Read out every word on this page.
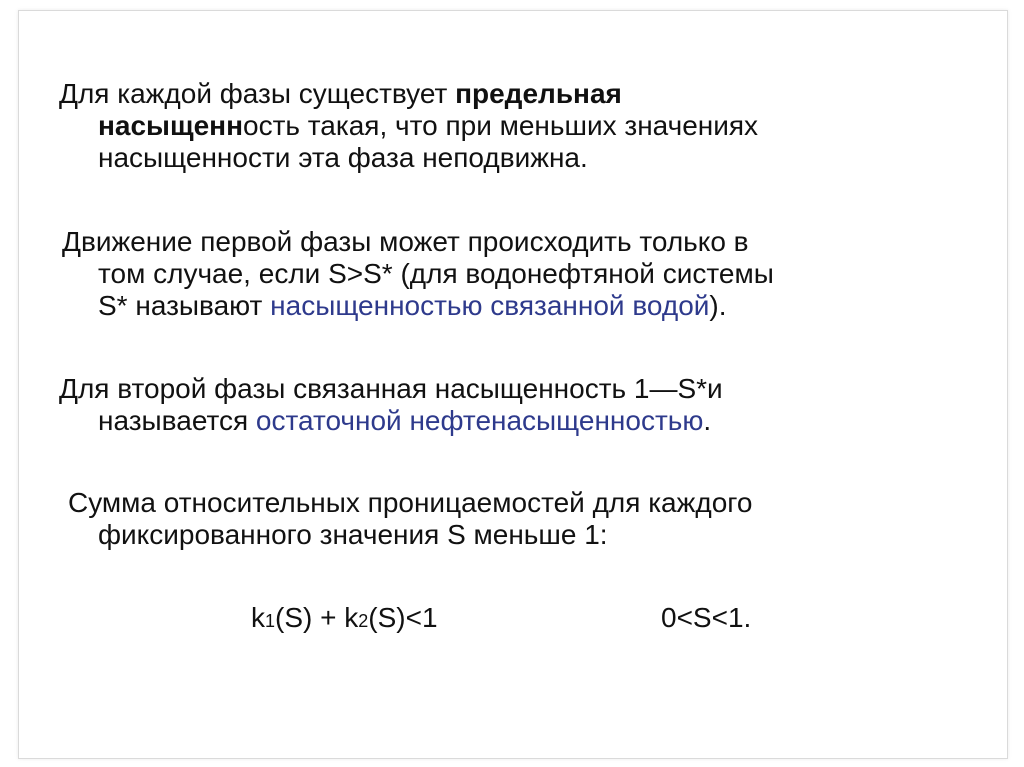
Для каждой фазы существует предельная
насыщенность такая, что при меньших значениях
насыщенности эта фаза неподвижна.
Движение первой фазы может происходить только в
том случае, если S>S* (для водонефтяной системы
S* называют насыщенностью связанной водой).
Для второй фазы связанная насыщенность 1—S*и
называется остаточной нефтенасыщенностью.
Сумма относительных проницаемостей для каждого
фиксированного значения S меньше 1:
k1(S) + k2(S)<1	0<S<1.
